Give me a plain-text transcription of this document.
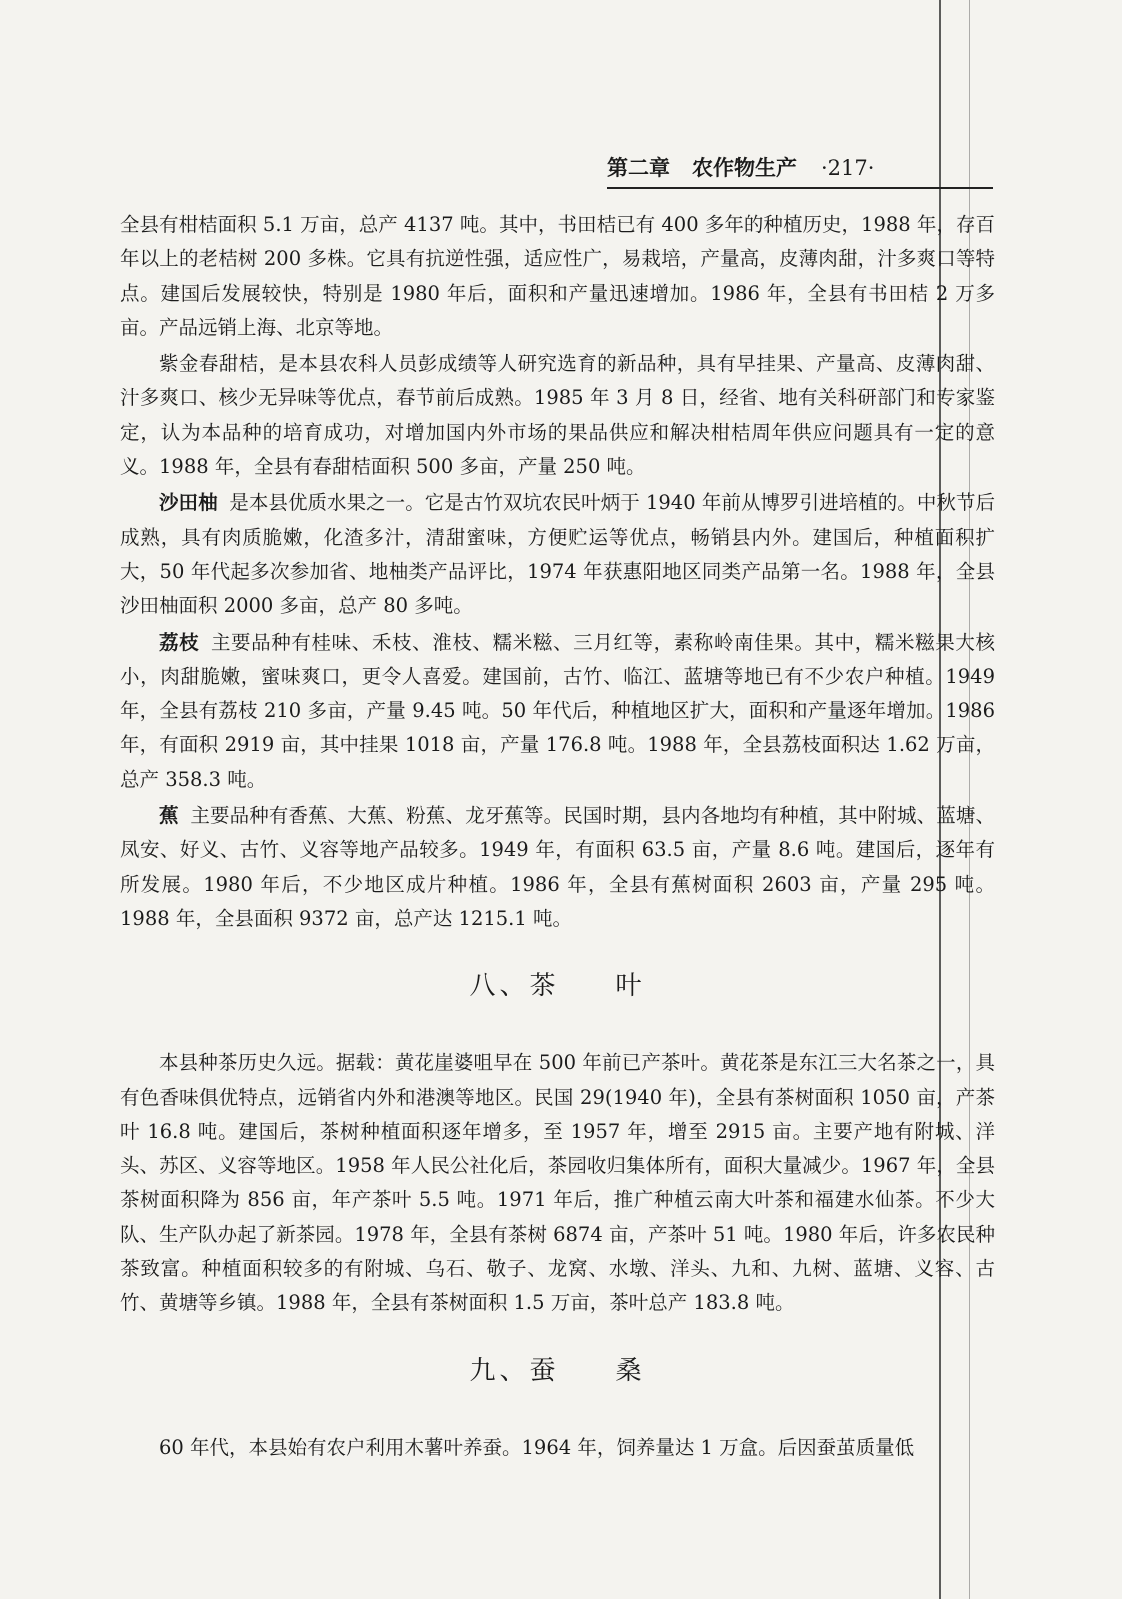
第二章 农作物生产 ·217·

全县有柑桔面积 5.1 万亩，总产 4137 吨。其中，书田桔已有 400 多年的种植历史，1988 年，存百年以上的老桔树 200 多株。它具有抗逆性强，适应性广，易栽培，产量高，皮薄肉甜，汁多爽口等特点。建国后发展较快，特别是 1980 年后，面积和产量迅速增加。1986 年，全县有书田桔 2 万多亩。产品远销上海、北京等地。

紫金春甜桔，是本县农科人员彭成绩等人研究选育的新品种，具有早挂果、产量高、皮薄肉甜、汁多爽口、核少无异味等优点，春节前后成熟。1985 年 3 月 8 日，经省、地有关科研部门和专家鉴定，认为本品种的培育成功，对增加国内外市场的果品供应和解决柑桔周年供应问题具有一定的意义。1988 年，全县有春甜桔面积 500 多亩，产量 250 吨。

沙田柚 是本县优质水果之一。它是古竹双坑农民叶炳于 1940 年前从博罗引进培植的。中秋节后成熟，具有肉质脆嫩，化渣多汁，清甜蜜味，方便贮运等优点，畅销县内外。建国后，种植面积扩大，50 年代起多次参加省、地柚类产品评比，1974 年获惠阳地区同类产品第一名。1988 年，全县沙田柚面积 2000 多亩，总产 80 多吨。

荔枝 主要品种有桂味、禾枝、淮枝、糯米糍、三月红等，素称岭南佳果。其中，糯米糍果大核小，肉甜脆嫩，蜜味爽口，更令人喜爱。建国前，古竹、临江、蓝塘等地已有不少农户种植。1949 年，全县有荔枝 210 多亩，产量 9.45 吨。50 年代后，种植地区扩大，面积和产量逐年增加。1986 年，有面积 2919 亩，其中挂果 1018 亩，产量 176.8 吨。1988 年，全县荔枝面积达 1.62 万亩，总产 358.3 吨。

蕉 主要品种有香蕉、大蕉、粉蕉、龙牙蕉等。民国时期，县内各地均有种植，其中附城、蓝塘、凤安、好义、古竹、义容等地产品较多。1949 年，有面积 63.5 亩，产量 8.6 吨。建国后，逐年有所发展。1980 年后，不少地区成片种植。1986 年，全县有蕉树面积 2603 亩，产量 295 吨。1988 年，全县面积 9372 亩，总产达 1215.1 吨。

八、茶 叶

本县种茶历史久远。据载：黄花崖婆咀早在 500 年前已产茶叶。黄花茶是东江三大名茶之一，具有色香味俱优特点，远销省内外和港澳等地区。民国 29(1940 年)，全县有茶树面积 1050 亩，产茶叶 16.8 吨。建国后，茶树种植面积逐年增多，至 1957 年，增至 2915 亩。主要产地有附城、洋头、苏区、义容等地区。1958 年人民公社化后，茶园收归集体所有，面积大量减少。1967 年，全县茶树面积降为 856 亩，年产茶叶 5.5 吨。1971 年后，推广种植云南大叶茶和福建水仙茶。不少大队、生产队办起了新茶园。1978 年，全县有茶树 6874 亩，产茶叶 51 吨。1980 年后，许多农民种茶致富。种植面积较多的有附城、乌石、敬子、龙窝、水墩、洋头、九和、九树、蓝塘、义容、古竹、黄塘等乡镇。1988 年，全县有茶树面积 1.5 万亩，茶叶总产 183.8 吨。

九、蚕 桑

60 年代，本县始有农户利用木薯叶养蚕。1964 年，饲养量达 1 万盒。后因蚕茧质量低
